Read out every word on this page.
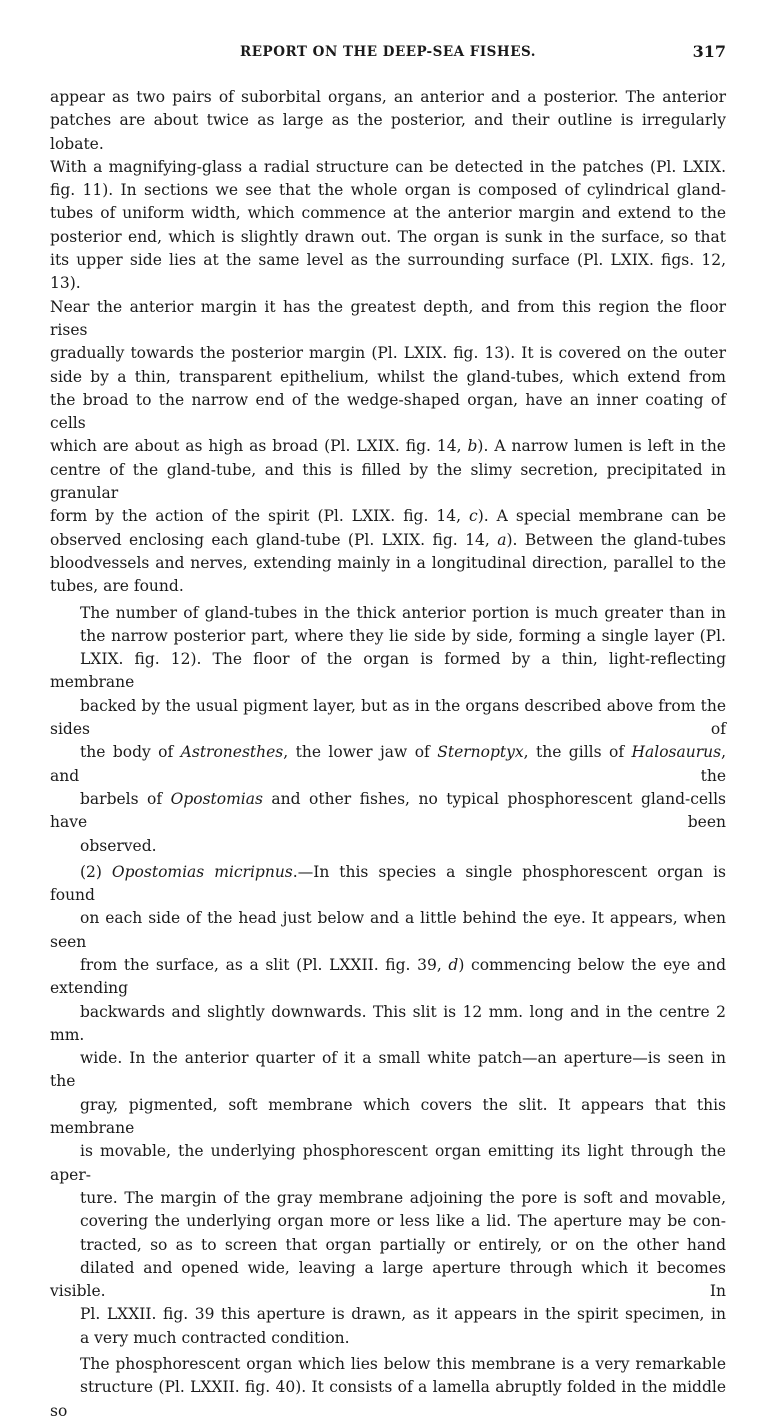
REPORT ON THE DEEP-SEA FISHES.	317

appear as two pairs of suborbital organs, an anterior and a posterior. The anterior
patches are about twice as large as the posterior, and their outline is irregularly lobate.
With a magnifying-glass a radial structure can be detected in the patches (Pl. LXIX.
fig. 11). In sections we see that the whole organ is composed of cylindrical gland-
tubes of uniform width, which commence at the anterior margin and extend to the
posterior end, which is slightly drawn out. The organ is sunk in the surface, so that
its upper side lies at the same level as the surrounding surface (Pl. LXIX. figs. 12, 13).
Near the anterior margin it has the greatest depth, and from this region the floor rises
gradually towards the posterior margin (Pl. LXIX. fig. 13). It is covered on the outer
side by a thin, transparent epithelium, whilst the gland-tubes, which extend from
the broad to the narrow end of the wedge-shaped organ, have an inner coating of cells
which are about as high as broad (Pl. LXIX. fig. 14, b). A narrow lumen is left in the
centre of the gland-tube, and this is filled by the slimy secretion, precipitated in granular
form by the action of the spirit (Pl. LXIX. fig. 14, c). A special membrane can be
observed enclosing each gland-tube (Pl. LXIX. fig. 14, a). Between the gland-tubes
bloodvessels and nerves, extending mainly in a longitudinal direction, parallel to the
tubes, are found.

The number of gland-tubes in the thick anterior portion is much greater than in
the narrow posterior part, where they lie side by side, forming a single layer (Pl.
LXIX. fig. 12). The floor of the organ is formed by a thin, light-reflecting membrane
backed by the usual pigment layer, but as in the organs described above from the sides of
the body of Astronesthes, the lower jaw of Sternoptyx, the gills of Halosaurus, and the
barbels of Opostomias and other fishes, no typical phosphorescent gland-cells have been
observed.

(2) Opostomias micripnus.—In this species a single phosphorescent organ is found
on each side of the head just below and a little behind the eye. It appears, when seen
from the surface, as a slit (Pl. LXXII. fig. 39, d) commencing below the eye and extending
backwards and slightly downwards. This slit is 12 mm. long and in the centre 2 mm.
wide. In the anterior quarter of it a small white patch—an aperture—is seen in the
gray, pigmented, soft membrane which covers the slit. It appears that this membrane
is movable, the underlying phosphorescent organ emitting its light through the aper-
ture. The margin of the gray membrane adjoining the pore is soft and movable,
covering the underlying organ more or less like a lid. The aperture may be con-
tracted, so as to screen that organ partially or entirely, or on the other hand
dilated and opened wide, leaving a large aperture through which it becomes visible. In
Pl. LXXII. fig. 39 this aperture is drawn, as it appears in the spirit specimen, in
a very much contracted condition.

The phosphorescent organ which lies below this membrane is a very remarkable
structure (Pl. LXXII. fig. 40). It consists of a lamella abruptly folded in the middle so
